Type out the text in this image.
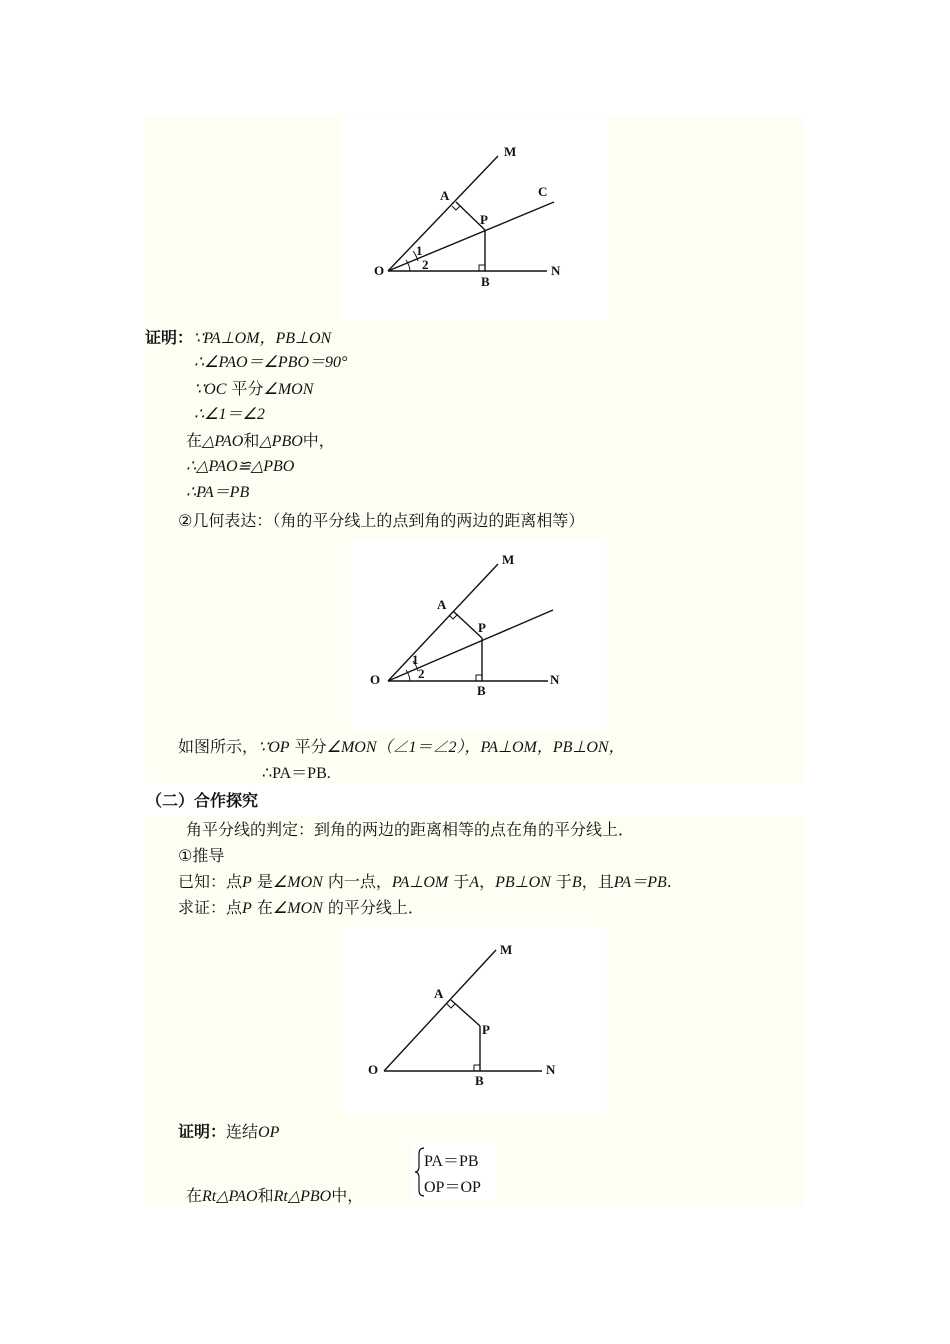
M
A	C
P
O
1
2
B
N
证明：∵PA⊥OM，PB⊥ON
∴∠PAO＝∠PBO＝90°
∵OC 平分∠MON
∴∠1＝∠2
在△PAO和△PBO中，
∴△PAO≌△PBO
∴PA＝PB
②几何表达：（角的平分线上的点到角的两边的距离相等）
M
A
P
O
1
2
B
N
如图所示，∵OP 平分∠MON（∠1＝∠2），PA⊥OM，PB⊥ON，
∴PA＝PB.
（二）合作探究
角平分线的判定：到角的两边的距离相等的点在角的平分线上．
①推导
已知：点P 是∠MON 内一点，PA⊥OM 于A，PB⊥ON 于B，且PA＝PB.
求证：点P 在∠MON 的平分线上．
M
A
P
O
B
N
证明：连结OP
在Rt△PAO和Rt△PBO中，
PA＝PB
OP＝OP
